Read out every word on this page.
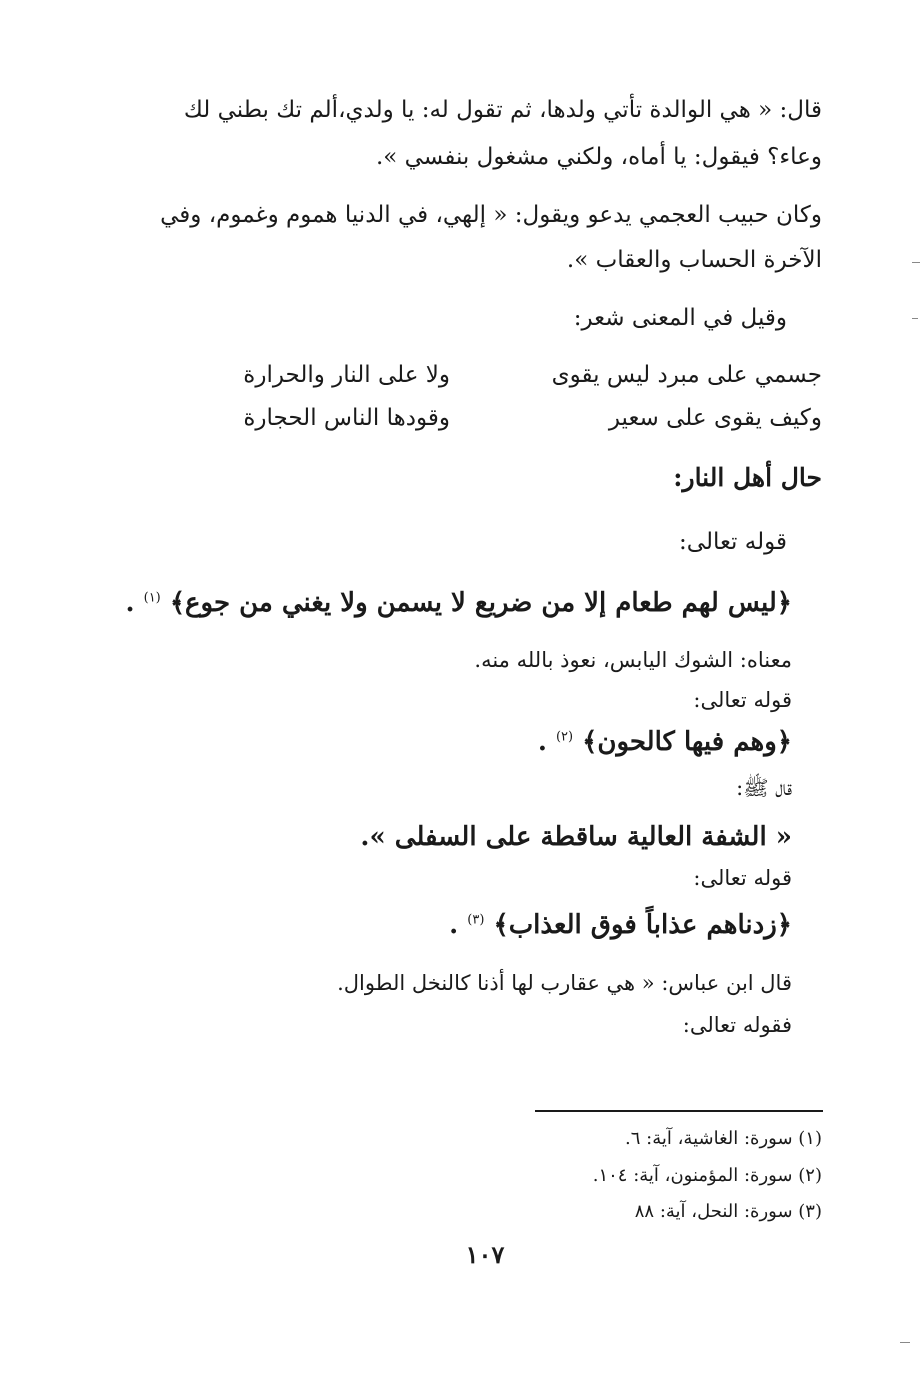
قال: « هي الوالدة تأتي ولدها، ثم تقول له: يا ولدي،ألم تك بطني لك
وعاء؟ فيقول: يا أماه، ولكني مشغول بنفسي ».
وكان حبيب العجمي يدعو ويقول: « إلهي، في الدنيا هموم وغموم، وفي
الآخرة الحساب والعقاب ».
وقيل في المعنى شعر:
جسمي على مبرد ليس يقوى
ولا على النار والحرارة
وكيف يقوى على سعير
وقودها الناس الحجارة
حال أهل النار:
قوله تعالى:
﴿ليس لهم طعام إلا من ضريع لا يسمن ولا يغني من جوع﴾ $^{(١)}$ .
معناه: الشوك اليابس، نعوذ بالله منه.
قوله تعالى:
﴿وهم فيها كالحون﴾ $^{(٢)}$ .
قال ﷺ:
« الشفة العالية ساقطة على السفلى ».
قوله تعالى:
﴿زدناهم عذاباً فوق العذاب﴾ $^{(٣)}$ .
قال ابن عباس: « هي عقارب لها أذنا كالنخل الطوال.
فقوله تعالى:
(١) سورة: الغاشية، آية: ٦.
(٢) سورة: المؤمنون، آية: ١٠٤.
(٣) سورة: النحل، آية: ٨٨
١٠٧
